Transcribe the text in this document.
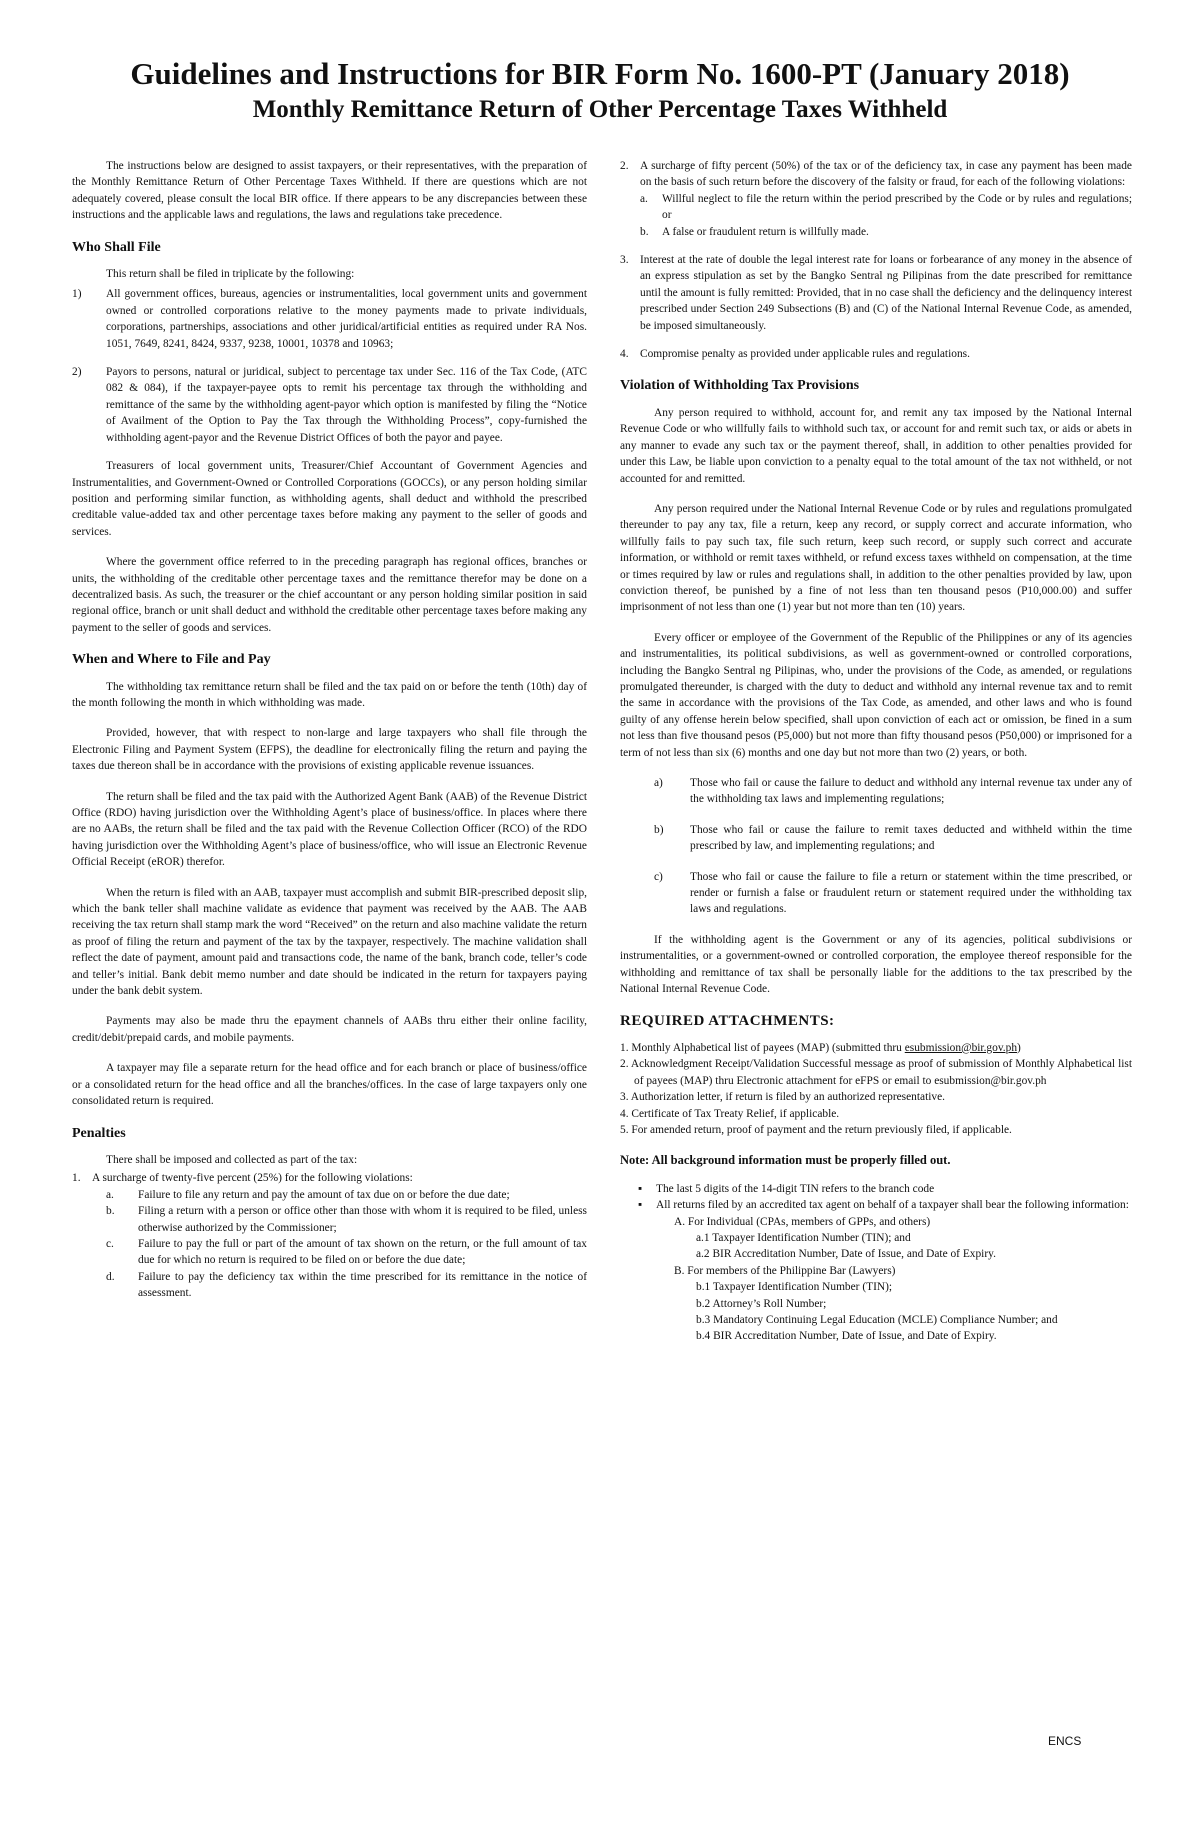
Guidelines and Instructions for BIR Form No. 1600-PT (January 2018)
Monthly Remittance Return of Other Percentage Taxes Withheld

The instructions below are designed to assist taxpayers, or their representatives, with the preparation of the Monthly Remittance Return of Other Percentage Taxes Withheld. If there are questions which are not adequately covered, please consult the local BIR office. If there appears to be any discrepancies between these instructions and the applicable laws and regulations, the laws and regulations take precedence.

Who Shall File

This return shall be filed in triplicate by the following:

1)	All government offices, bureaus, agencies or instrumentalities, local government units and government owned or controlled corporations relative to the money payments made to private individuals, corporations, partnerships, associations and other juridical/artificial entities as required under RA Nos. 1051, 7649, 8241, 8424, 9337, 9238, 10001, 10378 and 10963;
2)	Payors to persons, natural or juridical, subject to percentage tax under Sec. 116 of the Tax Code, (ATC 082 & 084), if the taxpayer-payee opts to remit his percentage tax through the withholding and remittance of the same by the withholding agent-payor which option is manifested by filing the “Notice of Availment of the Option to Pay the Tax through the Withholding Process”, copy-furnished the withholding agent-payor and the Revenue District Offices of both the payor and payee.

Treasurers of local government units, Treasurer/Chief Accountant of Government Agencies and Instrumentalities, and Government-Owned or Controlled Corporations (GOCCs), or any person holding similar position and performing similar function, as withholding agents, shall deduct and withhold the prescribed creditable value-added tax and other percentage taxes before making any payment to the seller of goods and services.

Where the government office referred to in the preceding paragraph has regional offices, branches or units, the withholding of the creditable other percentage taxes and the remittance therefor may be done on a decentralized basis. As such, the treasurer or the chief accountant or any person holding similar position in said regional office, branch or unit shall deduct and withhold the creditable other percentage taxes before making any payment to the seller of goods and services.

When and Where to File and Pay

The withholding tax remittance return shall be filed and the tax paid on or before the tenth (10th) day of the month following the month in which withholding was made.

Provided, however, that with respect to non-large and large taxpayers who shall file through the Electronic Filing and Payment System (EFPS), the deadline for electronically filing the return and paying the taxes due thereon shall be in accordance with the provisions of existing applicable revenue issuances.

The return shall be filed and the tax paid with the Authorized Agent Bank (AAB) of the Revenue District Office (RDO) having jurisdiction over the Withholding Agent’s place of business/office. In places where there are no AABs, the return shall be filed and the tax paid with the Revenue Collection Officer (RCO) of the RDO having jurisdiction over the Withholding Agent’s place of business/office, who will issue an Electronic Revenue Official Receipt (eROR) therefor.

When the return is filed with an AAB, taxpayer must accomplish and submit BIR-prescribed deposit slip, which the bank teller shall machine validate as evidence that payment was received by the AAB. The AAB receiving the tax return shall stamp mark the word “Received” on the return and also machine validate the return as proof of filing the return and payment of the tax by the taxpayer, respectively. The machine validation shall reflect the date of payment, amount paid and transactions code, the name of the bank, branch code, teller’s code and teller’s initial. Bank debit memo number and date should be indicated in the return for taxpayers paying under the bank debit system.

Payments may also be made thru the epayment channels of AABs thru either their online facility, credit/debit/prepaid cards, and mobile payments.

A taxpayer may file a separate return for the head office and for each branch or place of business/office or a consolidated return for the head office and all the branches/offices. In the case of large taxpayers only one consolidated return is required.

Penalties

There shall be imposed and collected as part of the tax:

1.	A surcharge of twenty-five percent (25%) for the following violations:
a.	Failure to file any return and pay the amount of tax due on or before the due date;
b.	Filing a return with a person or office other than those with whom it is required to be filed, unless otherwise authorized by the Commissioner;
c.	Failure to pay the full or part of the amount of tax shown on the return, or the full amount of tax due for which no return is required to be filed on or before the due date;
d.	Failure to pay the deficiency tax within the time prescribed for its remittance in the notice of assessment.
2.	A surcharge of fifty percent (50%) of the tax or of the deficiency tax, in case any payment has been made on the basis of such return before the discovery of the falsity or fraud, for each of the following violations:
a.	Willful neglect to file the return within the period prescribed by the Code or by rules and regulations; or
b.	A false or fraudulent return is willfully made.
3.	Interest at the rate of double the legal interest rate for loans or forbearance of any money in the absence of an express stipulation as set by the Bangko Sentral ng Pilipinas from the date prescribed for remittance until the amount is fully remitted: Provided, that in no case shall the deficiency and the delinquency interest prescribed under Section 249 Subsections (B) and (C) of the National Internal Revenue Code, as amended, be imposed simultaneously.
4.	Compromise penalty as provided under applicable rules and regulations.
Violation of Withholding Tax Provisions

Any person required to withhold, account for, and remit any tax imposed by the National Internal Revenue Code or who willfully fails to withhold such tax, or account for and remit such tax, or aids or abets in any manner to evade any such tax or the payment thereof, shall, in addition to other penalties provided for under this Law, be liable upon conviction to a penalty equal to the total amount of the tax not withheld, or not accounted for and remitted.

Any person required under the National Internal Revenue Code or by rules and regulations promulgated thereunder to pay any tax, file a return, keep any record, or supply correct and accurate information, who willfully fails to pay such tax, file such return, keep such record, or supply such correct and accurate information, or withhold or remit taxes withheld, or refund excess taxes withheld on compensation, at the time or times required by law or rules and regulations shall, in addition to the other penalties provided by law, upon conviction thereof, be punished by a fine of not less than ten thousand pesos (P10,000.00) and suffer imprisonment of not less than one (1) year but not more than ten (10) years.

Every officer or employee of the Government of the Republic of the Philippines or any of its agencies and instrumentalities, its political subdivisions, as well as government-owned or controlled corporations, including the Bangko Sentral ng Pilipinas, who, under the provisions of the Code, as amended, or regulations promulgated thereunder, is charged with the duty to deduct and withhold any internal revenue tax and to remit the same in accordance with the provisions of the Tax Code, as amended, and other laws and who is found guilty of any offense herein below specified, shall upon conviction of each act or omission, be fined in a sum not less than five thousand pesos (P5,000) but not more than fifty thousand pesos (P50,000) or imprisoned for a term of not less than six (6) months and one day but not more than two (2) years, or both.

a)	Those who fail or cause the failure to deduct and withhold any internal revenue tax under any of the withholding tax laws and implementing regulations;
b)	Those who fail or cause the failure to remit taxes deducted and withheld within the time prescribed by law, and implementing regulations; and
c)	Those who fail or cause the failure to file a return or statement within the time prescribed, or render or furnish a false or fraudulent return or statement required under the withholding tax laws and regulations.

If the withholding agent is the Government or any of its agencies, political subdivisions or instrumentalities, or a government-owned or controlled corporation, the employee thereof responsible for the withholding and remittance of tax shall be personally liable for the additions to the tax prescribed by the National Internal Revenue Code.

REQUIRED ATTACHMENTS:

1. Monthly Alphabetical list of payees (MAP) (submitted thru esubmission@bir.gov.ph)

2. Acknowledgment Receipt/Validation Successful message as proof of submission of Monthly Alphabetical list of payees (MAP) thru Electronic attachment for eFPS or email to esubmission@bir.gov.ph

3. Authorization letter, if return is filed by an authorized representative.

4. Certificate of Tax Treaty Relief, if applicable.

5. For amended return, proof of payment and the return previously filed, if applicable.

Note: All background information must be properly filled out.
▪	The last 5 digits of the 14-digit TIN refers to the branch code
▪	All returns filed by an accredited tax agent on behalf of a taxpayer shall bear the following information:
A. For Individual (CPAs, members of GPPs, and others)
a.1 Taxpayer Identification Number (TIN); and
a.2 BIR Accreditation Number, Date of Issue, and Date of Expiry.
B. For members of the Philippine Bar (Lawyers)
b.1 Taxpayer Identification Number (TIN);
b.2 Attorney’s Roll Number;
b.3 Mandatory Continuing Legal Education (MCLE) Compliance Number; and
b.4 BIR Accreditation Number, Date of Issue, and Date of Expiry.
ENCS
